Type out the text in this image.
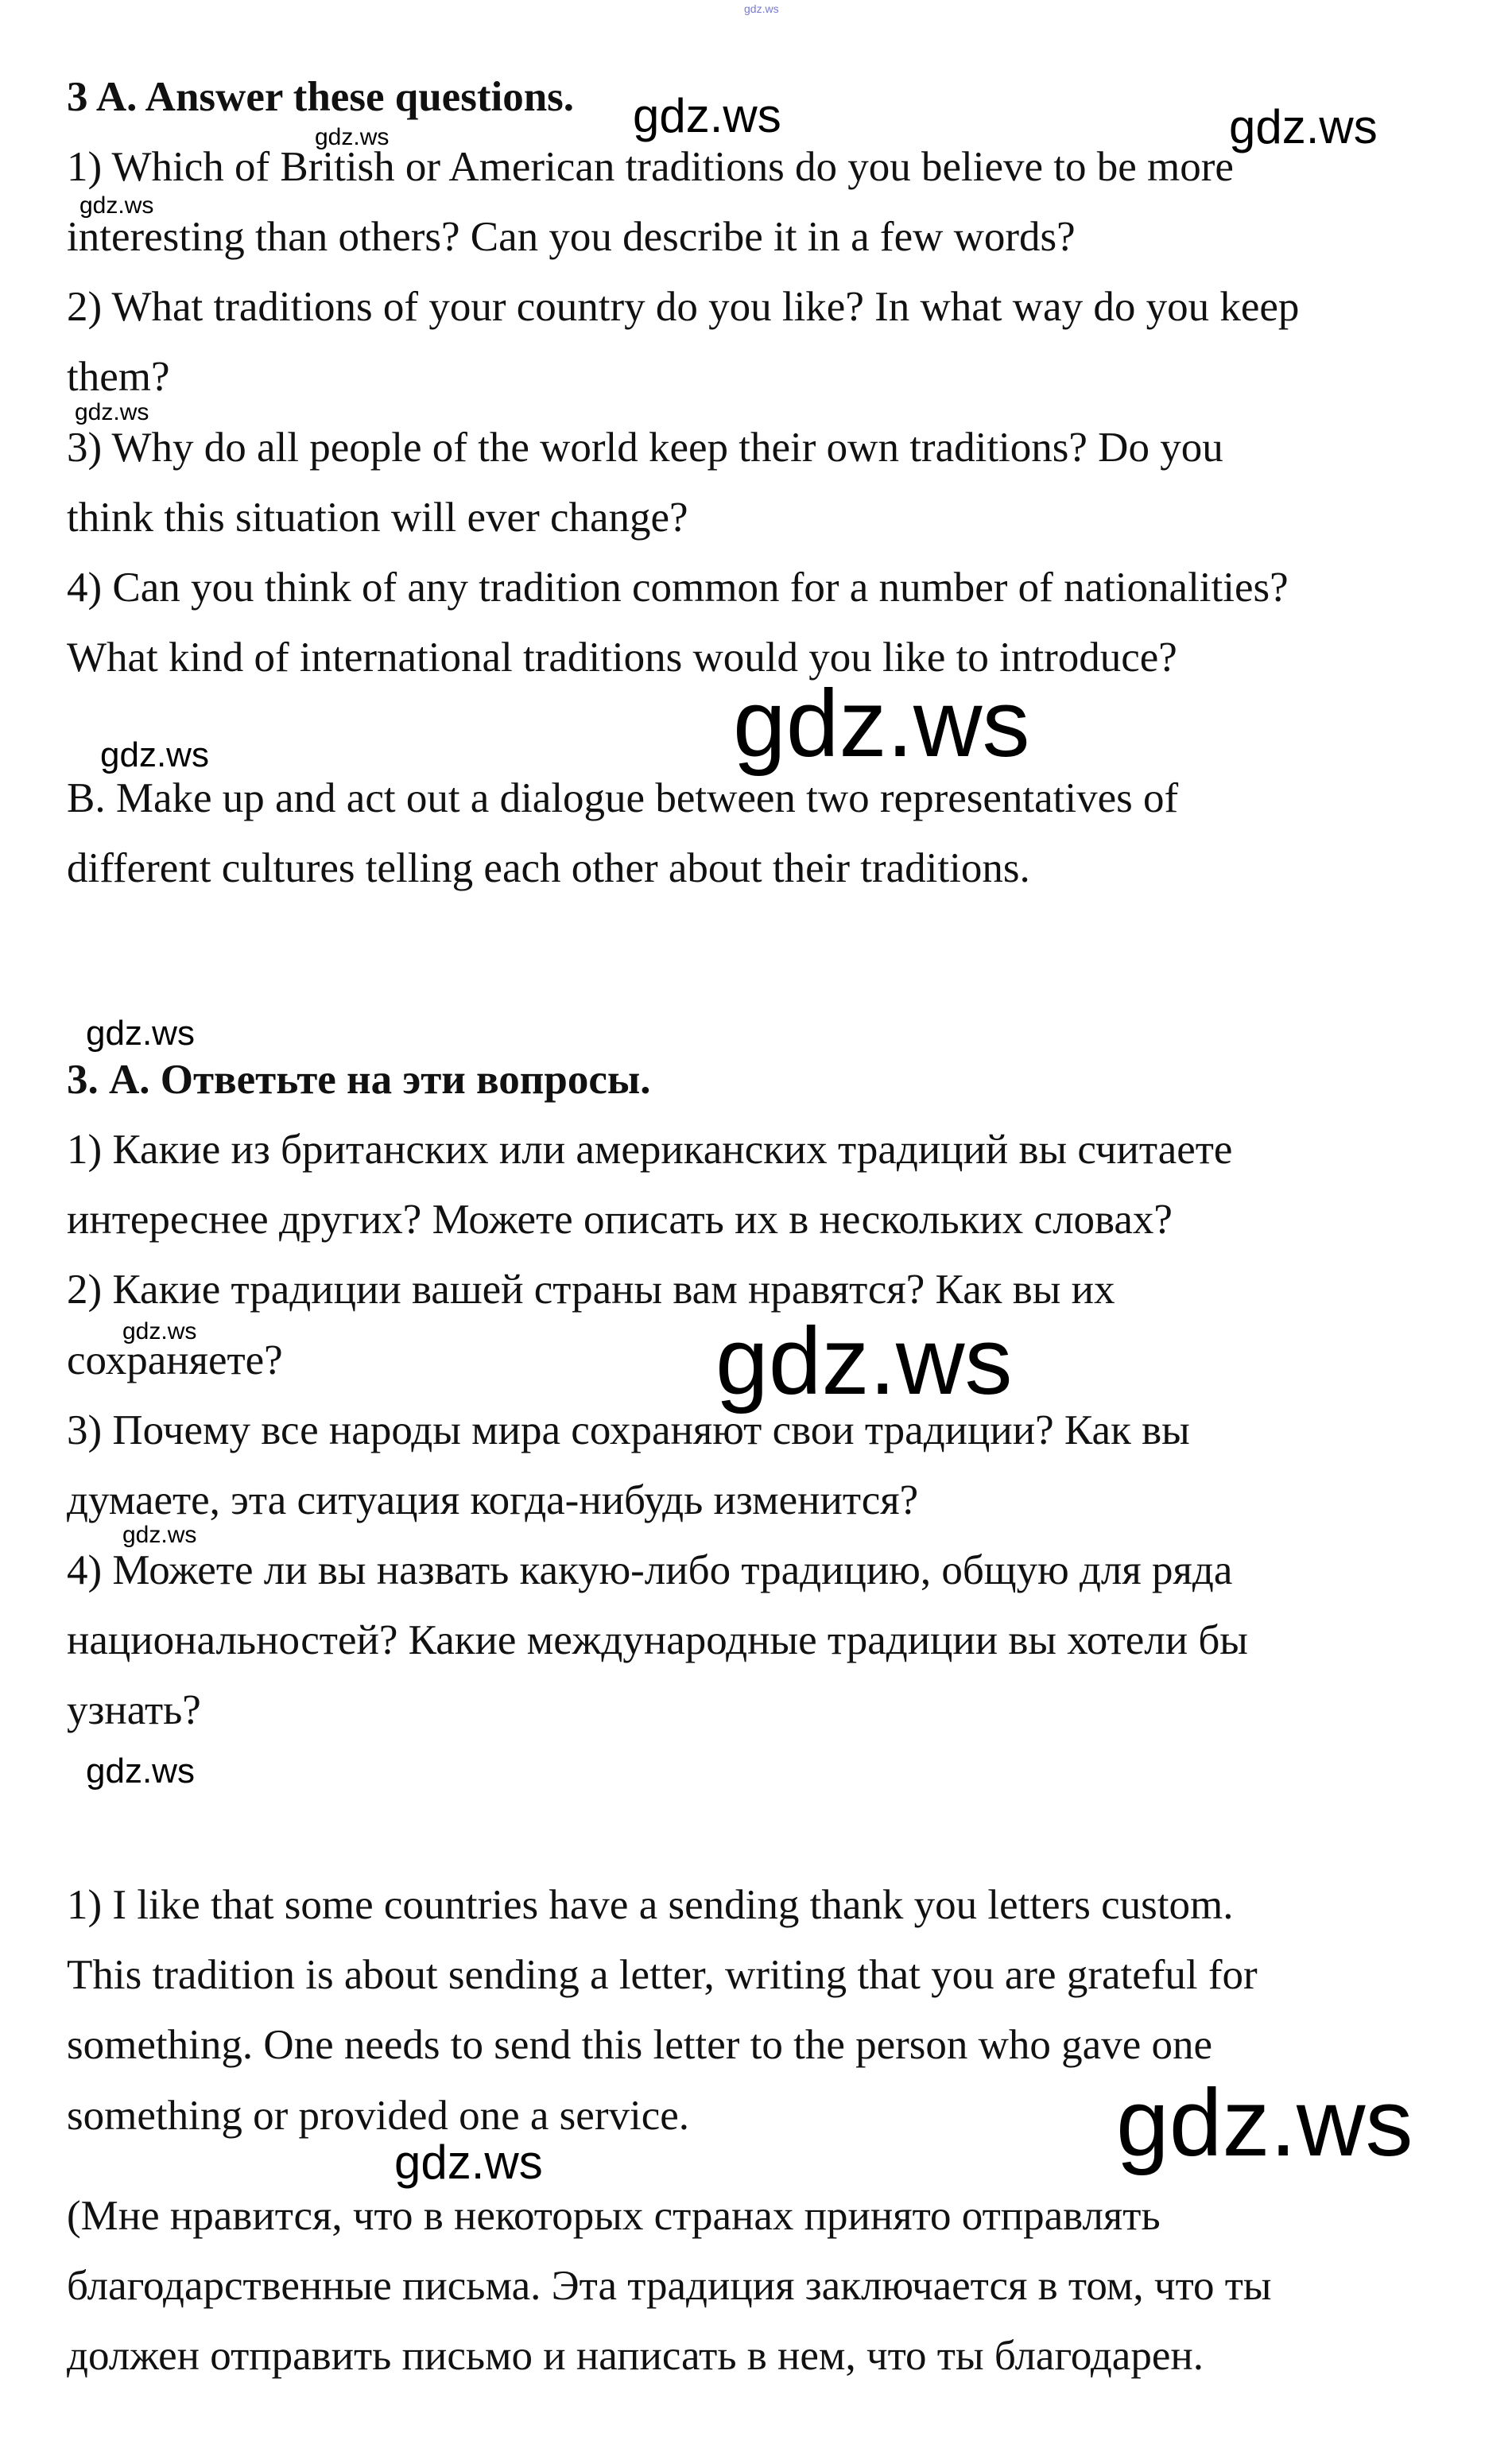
gdz.ws

3 A. Answer these questions.

1) Which of British or American traditions do you believe to be more

interesting than others? Can you describe it in a few words?

2) What traditions of your country do you like? In what way do you keep

them?

3) Why do all people of the world keep their own traditions? Do you

think this situation will ever change?

4) Can you think of any tradition common for a number of nationalities?

What kind of international traditions would you like to introduce?

B. Make up and act out a dialogue between two representatives of

different cultures telling each other about their traditions.

3. А. Ответьте на эти вопросы.

1) Какие из британских или американских традиций вы считаете

интереснее других? Можете описать их в нескольких словах?

2) Какие традиции вашей страны вам нравятся? Как вы их

сохраняете?

3) Почему все народы мира сохраняют свои традиции? Как вы

думаете, эта ситуация когда-нибудь изменится?

4) Можете ли вы назвать какую-либо традицию, общую для ряда

национальностей? Какие международные традиции вы хотели бы

узнать?

1) I like that some countries have a sending thank you letters custom.

This tradition is about sending a letter, writing that you are grateful for

something. One needs to send this letter to the person who gave one

something or provided one a service.

(Мне нравится, что в некоторых странах принято отправлять

благодарственные письма. Эта традиция заключается в том, что ты

должен отправить письмо и написать в нем, что ты благодарен.

gdz.ws	gdz.ws
gdz.ws
gdz.ws
gdz.ws
gdz.ws	gdz.ws
gdz.ws
gdz.ws	gdz.ws
gdz.ws
gdz.ws
gdz.ws
gdz.ws
